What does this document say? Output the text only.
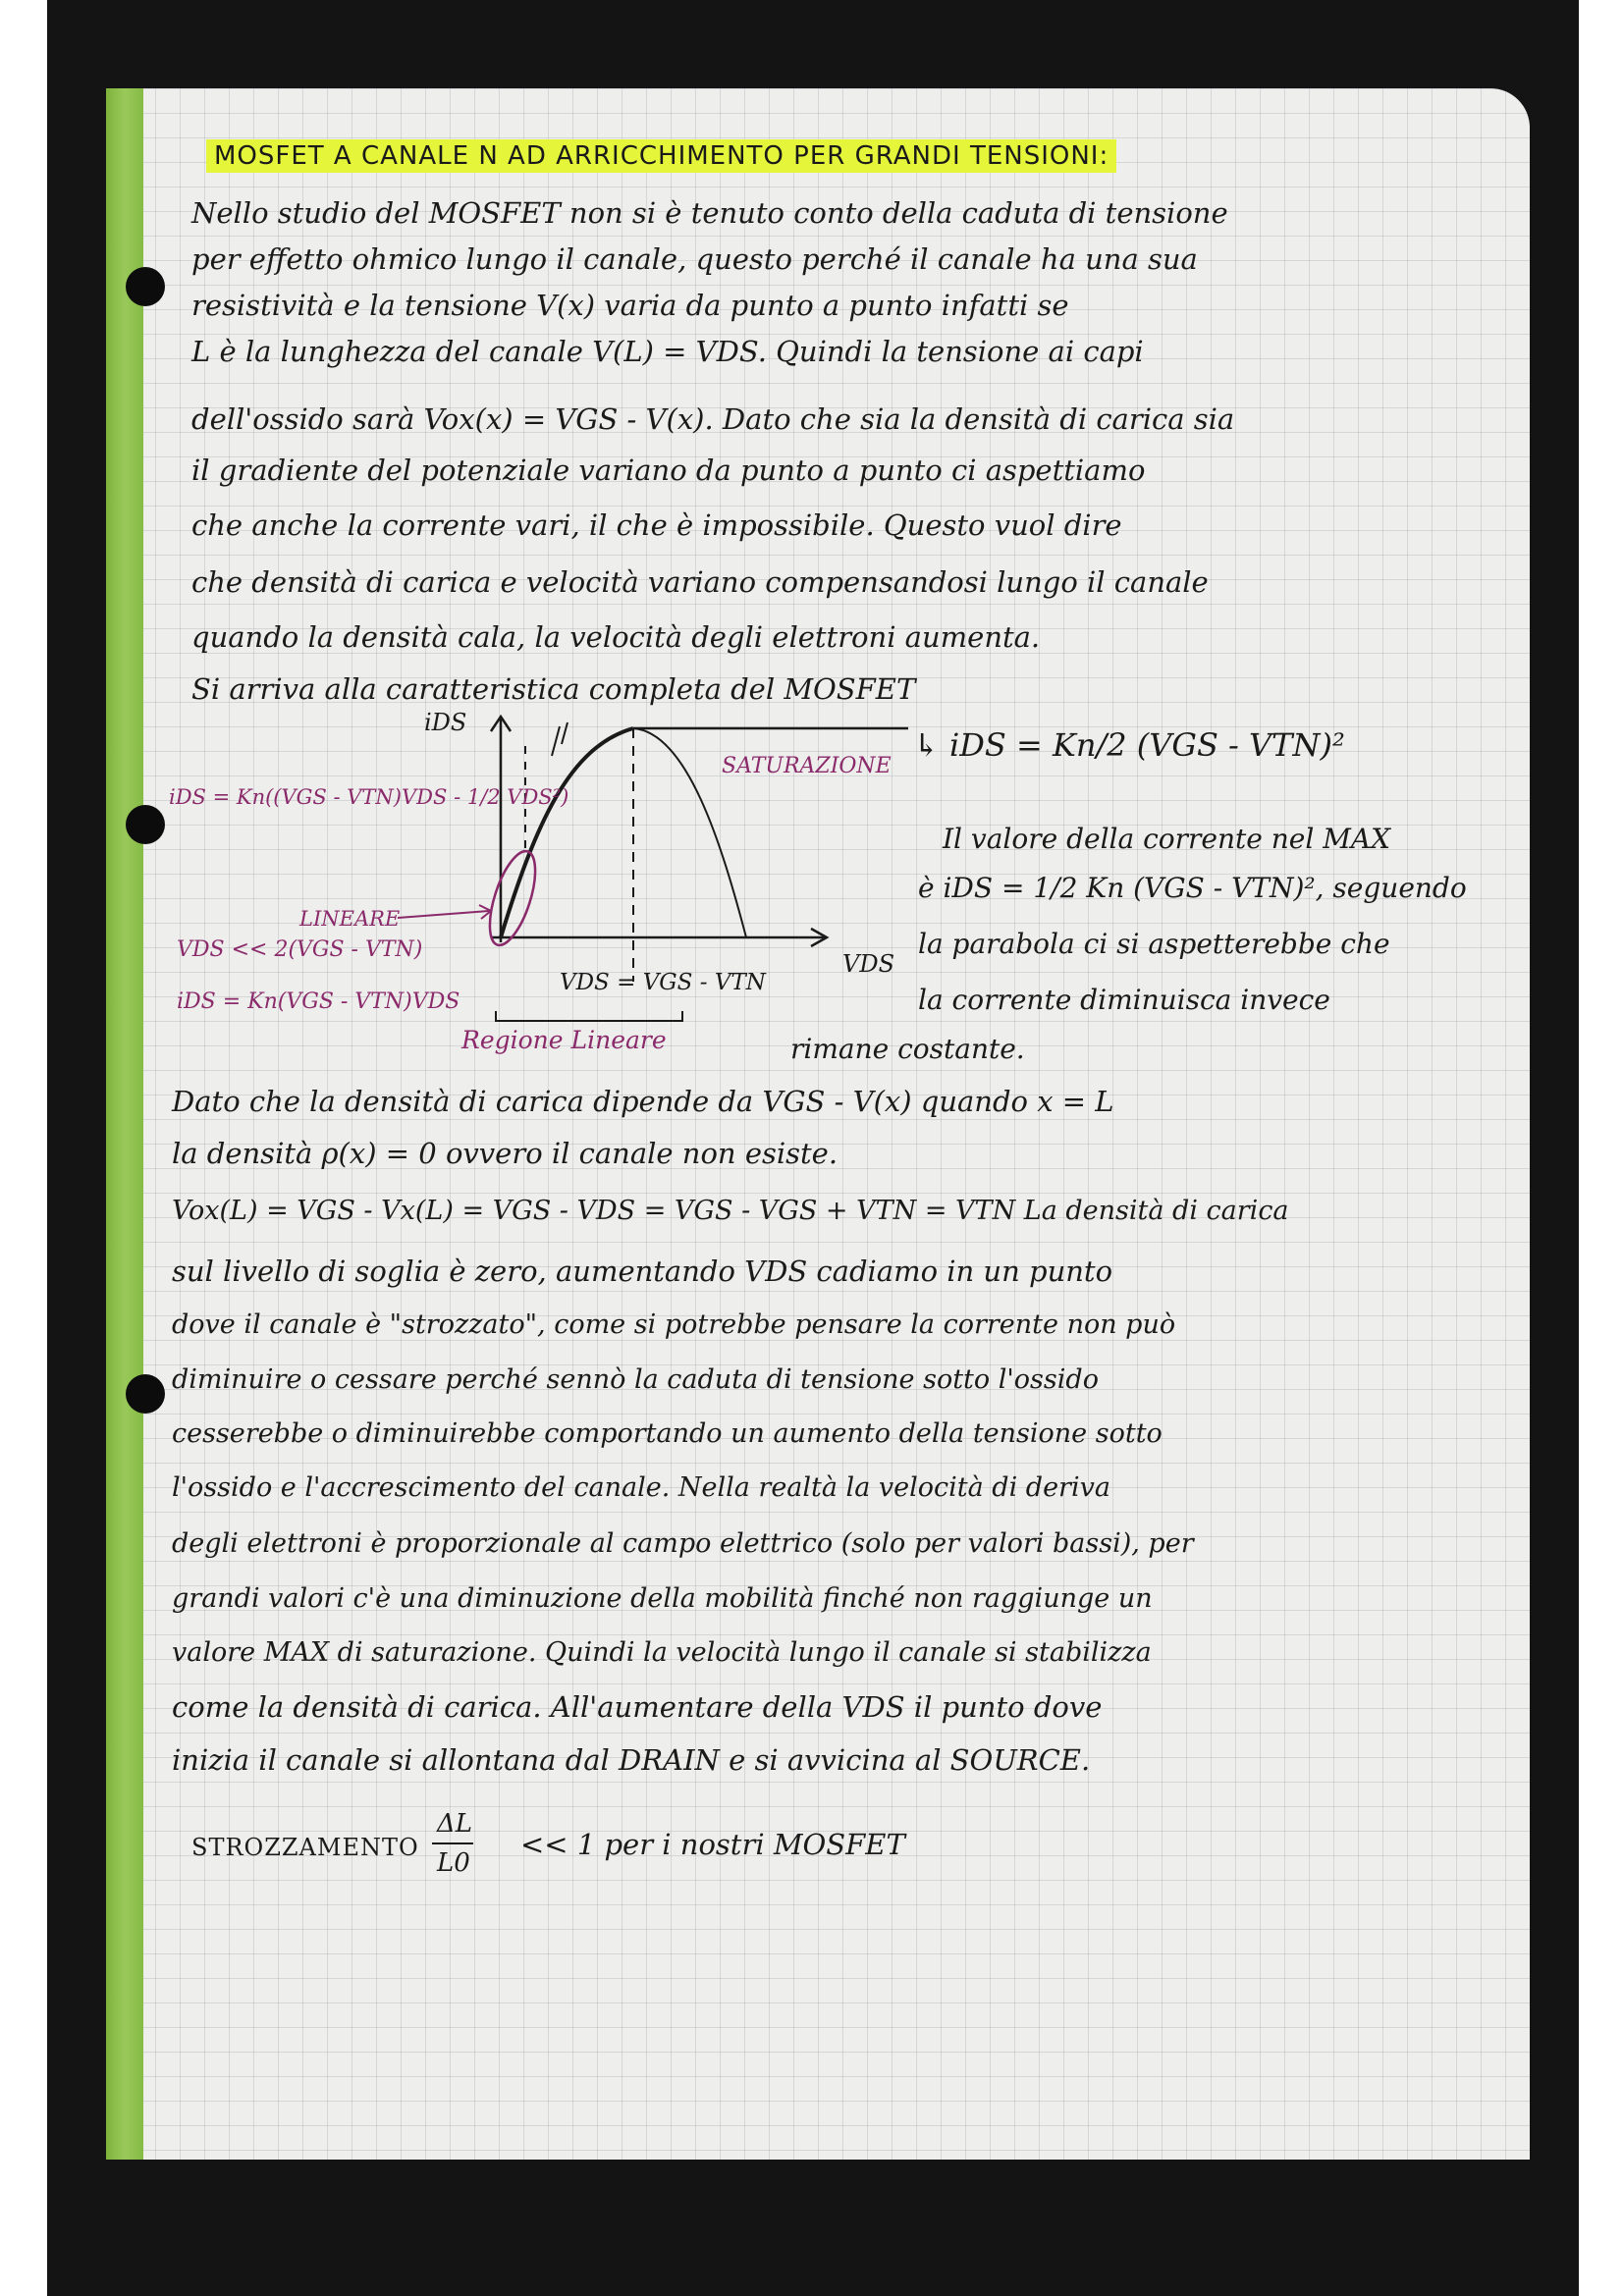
MOSFET A CANALE N AD ARRICCHIMENTO PER GRANDI TENSIONI:
Nello studio del MOSFET non si è tenuto conto della caduta di tensione
per effetto ohmico lungo il canale, questo perché il canale ha una sua
resistività e la tensione V(x) varia da punto a punto infatti se
L è la lunghezza del canale V(L) = VDS. Quindi la tensione ai capi
dell'ossido sarà Vox(x) = VGS - V(x). Dato che sia la densità di carica sia
il gradiente del potenziale variano da punto a punto ci aspettiamo
che anche la corrente vari, il che è impossibile. Questo vuol dire
che densità di carica e velocità variano compensandosi lungo il canale
quando la densità cala, la velocità degli elettroni aumenta.
Si arriva alla caratteristica completa del MOSFET
iDS
VDS
SATURAZIONE
↳ iDS = Kn/2 (VGS - VTN)²
iDS = Kn((VGS - VTN)VDS - 1/2 VDS²)
LINEARE
VDS << 2(VGS - VTN)
iDS = Kn(VGS - VTN)VDS
VDS = VGS - VTN
Regione Lineare
Il valore della corrente nel MAX
è iDS = 1/2 Kn (VGS - VTN)², seguendo
la parabola ci si aspetterebbe che
la corrente diminuisca invece
rimane costante.
Dato che la densità di carica dipende da VGS - V(x) quando x = L
la densità ρ(x) = 0 ovvero il canale non esiste.
Vox(L) = VGS - Vx(L) = VGS - VDS = VGS - VGS + VTN = VTN La densità di carica
sul livello di soglia è zero, aumentando VDS cadiamo in un punto
dove il canale è "strozzato", come si potrebbe pensare la corrente non può
diminuire o cessare perché sennò la caduta di tensione sotto l'ossido
cesserebbe o diminuirebbe comportando un aumento della tensione sotto
l'ossido e l'accrescimento del canale. Nella realtà la velocità di deriva
degli elettroni è proporzionale al campo elettrico (solo per valori bassi), per
grandi valori c'è una diminuzione della mobilità finché non raggiunge un
valore MAX di saturazione. Quindi la velocità lungo il canale si stabilizza
come la densità di carica. All'aumentare della VDS il punto dove
inizia il canale si allontana dal DRAIN e si avvicina al SOURCE.
STROZZAMENTO
ΔL
L0
<< 1 per i nostri MOSFET
